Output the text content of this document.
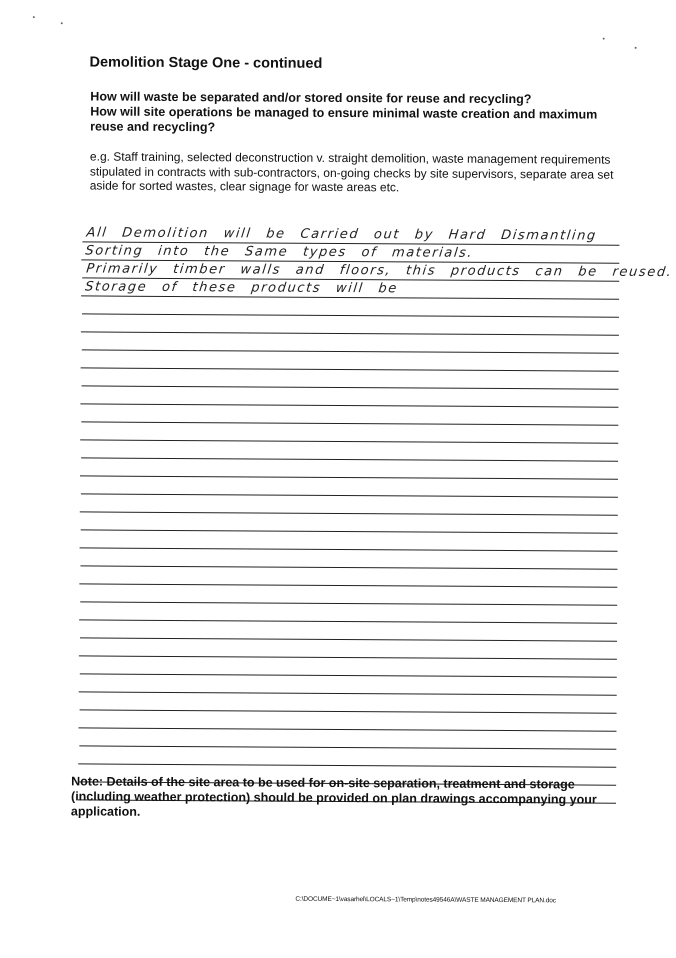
Demolition Stage One - continued
How will waste be separated and/or stored onsite for reuse and recycling?
How will site operations be managed to ensure minimal waste creation and maximum reuse and recycling?
e.g. Staff training, selected deconstruction v. straight demolition, waste management requirements stipulated in contracts with sub-contractors, on-going checks by site supervisors, separate area set aside for sorted wastes, clear signage for waste areas etc.
All Demolition will be Carried out by Hard Dismantling
Sorting into the Same types of materials.
Primarily timber walls and floors, this products can be reused.
Storage of these products will be
Note: Details of the site area to be used for on-site separation, treatment and storage (including weather protection) should be provided on plan drawings accompanying your application.
C:\DOCUME~1\vasarhel\LOCALS~1\Temp\notes49546A\WASTE MANAGEMENT PLAN.doc
